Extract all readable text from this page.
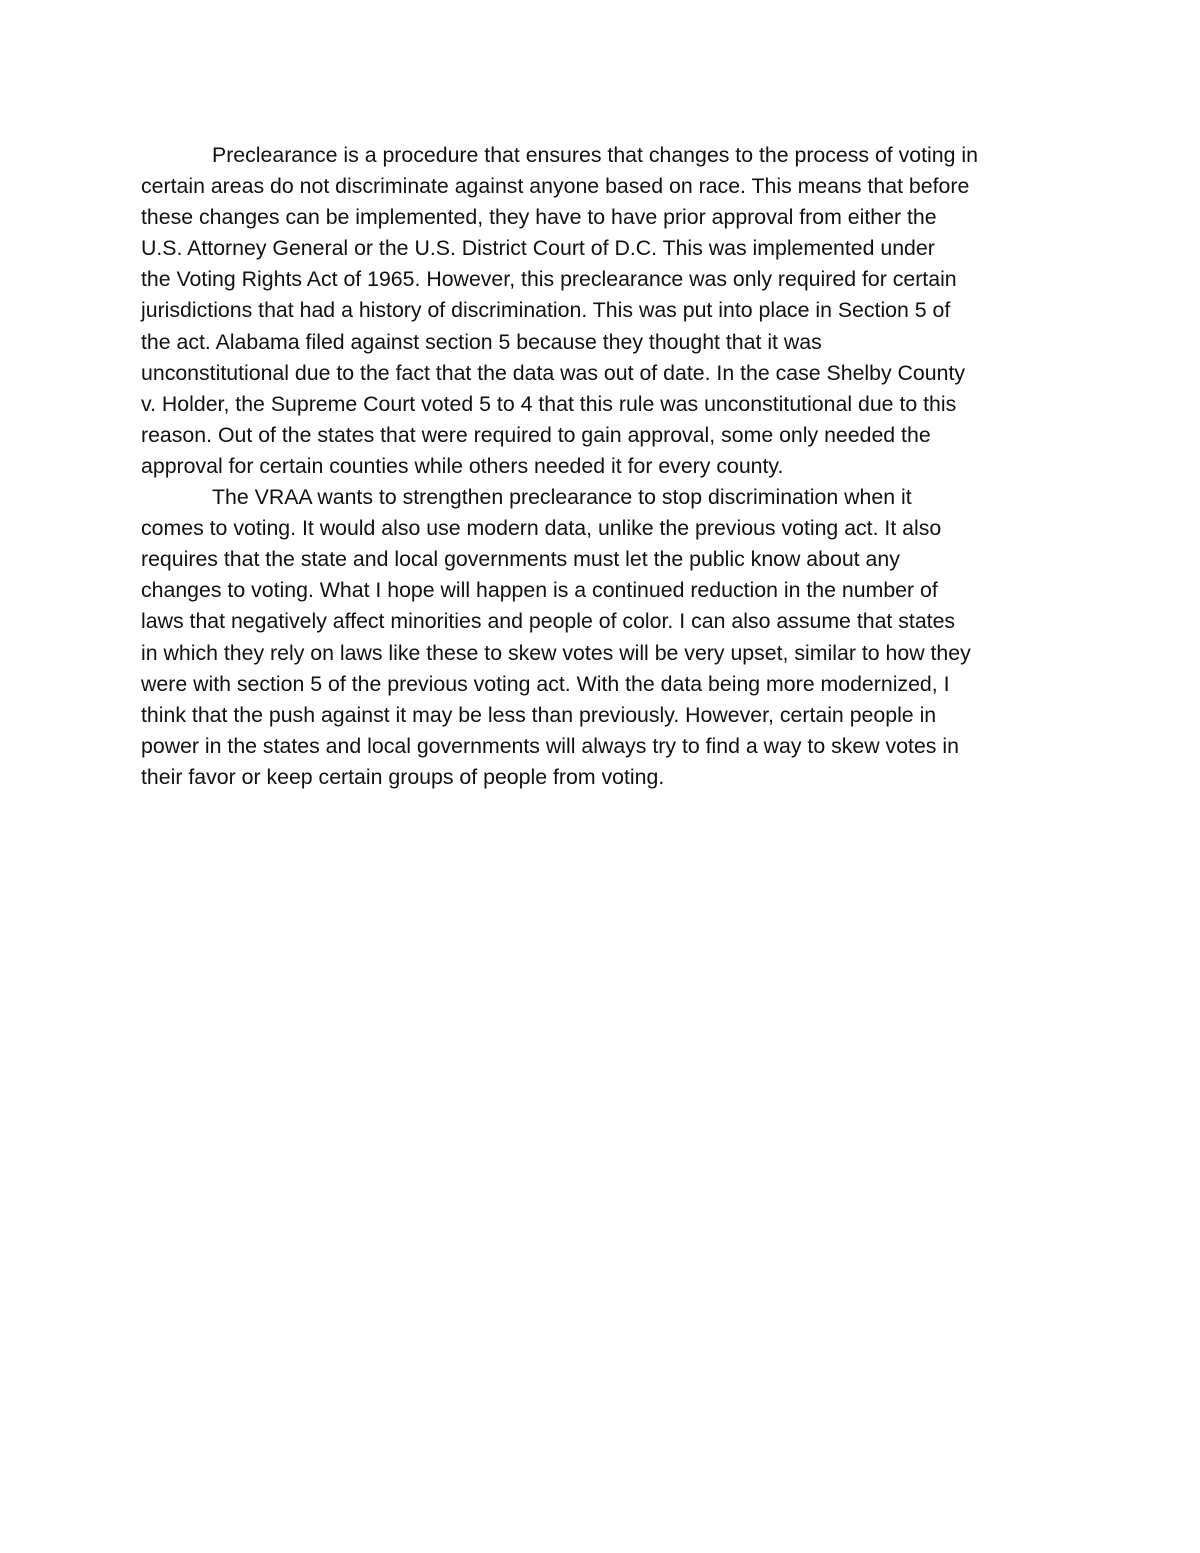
Preclearance is a procedure that ensures that changes to the process of voting in
certain areas do not discriminate against anyone based on race. This means that before
these changes can be implemented, they have to have prior approval from either the
U.S. Attorney General or the U.S. District Court of D.C. This was implemented under
the Voting Rights Act of 1965. However, this preclearance was only required for certain
jurisdictions that had a history of discrimination. This was put into place in Section 5 of
the act. Alabama filed against section 5 because they thought that it was
unconstitutional due to the fact that the data was out of date. In the case Shelby County
v. Holder, the Supreme Court voted 5 to 4 that this rule was unconstitutional due to this
reason. Out of the states that were required to gain approval, some only needed the
approval for certain counties while others needed it for every county.
The VRAA wants to strengthen preclearance to stop discrimination when it
comes to voting. It would also use modern data, unlike the previous voting act. It also
requires that the state and local governments must let the public know about any
changes to voting. What I hope will happen is a continued reduction in the number of
laws that negatively affect minorities and people of color. I can also assume that states
in which they rely on laws like these to skew votes will be very upset, similar to how they
were with section 5 of the previous voting act. With the data being more modernized, I
think that the push against it may be less than previously. However, certain people in
power in the states and local governments will always try to find a way to skew votes in
their favor or keep certain groups of people from voting.
